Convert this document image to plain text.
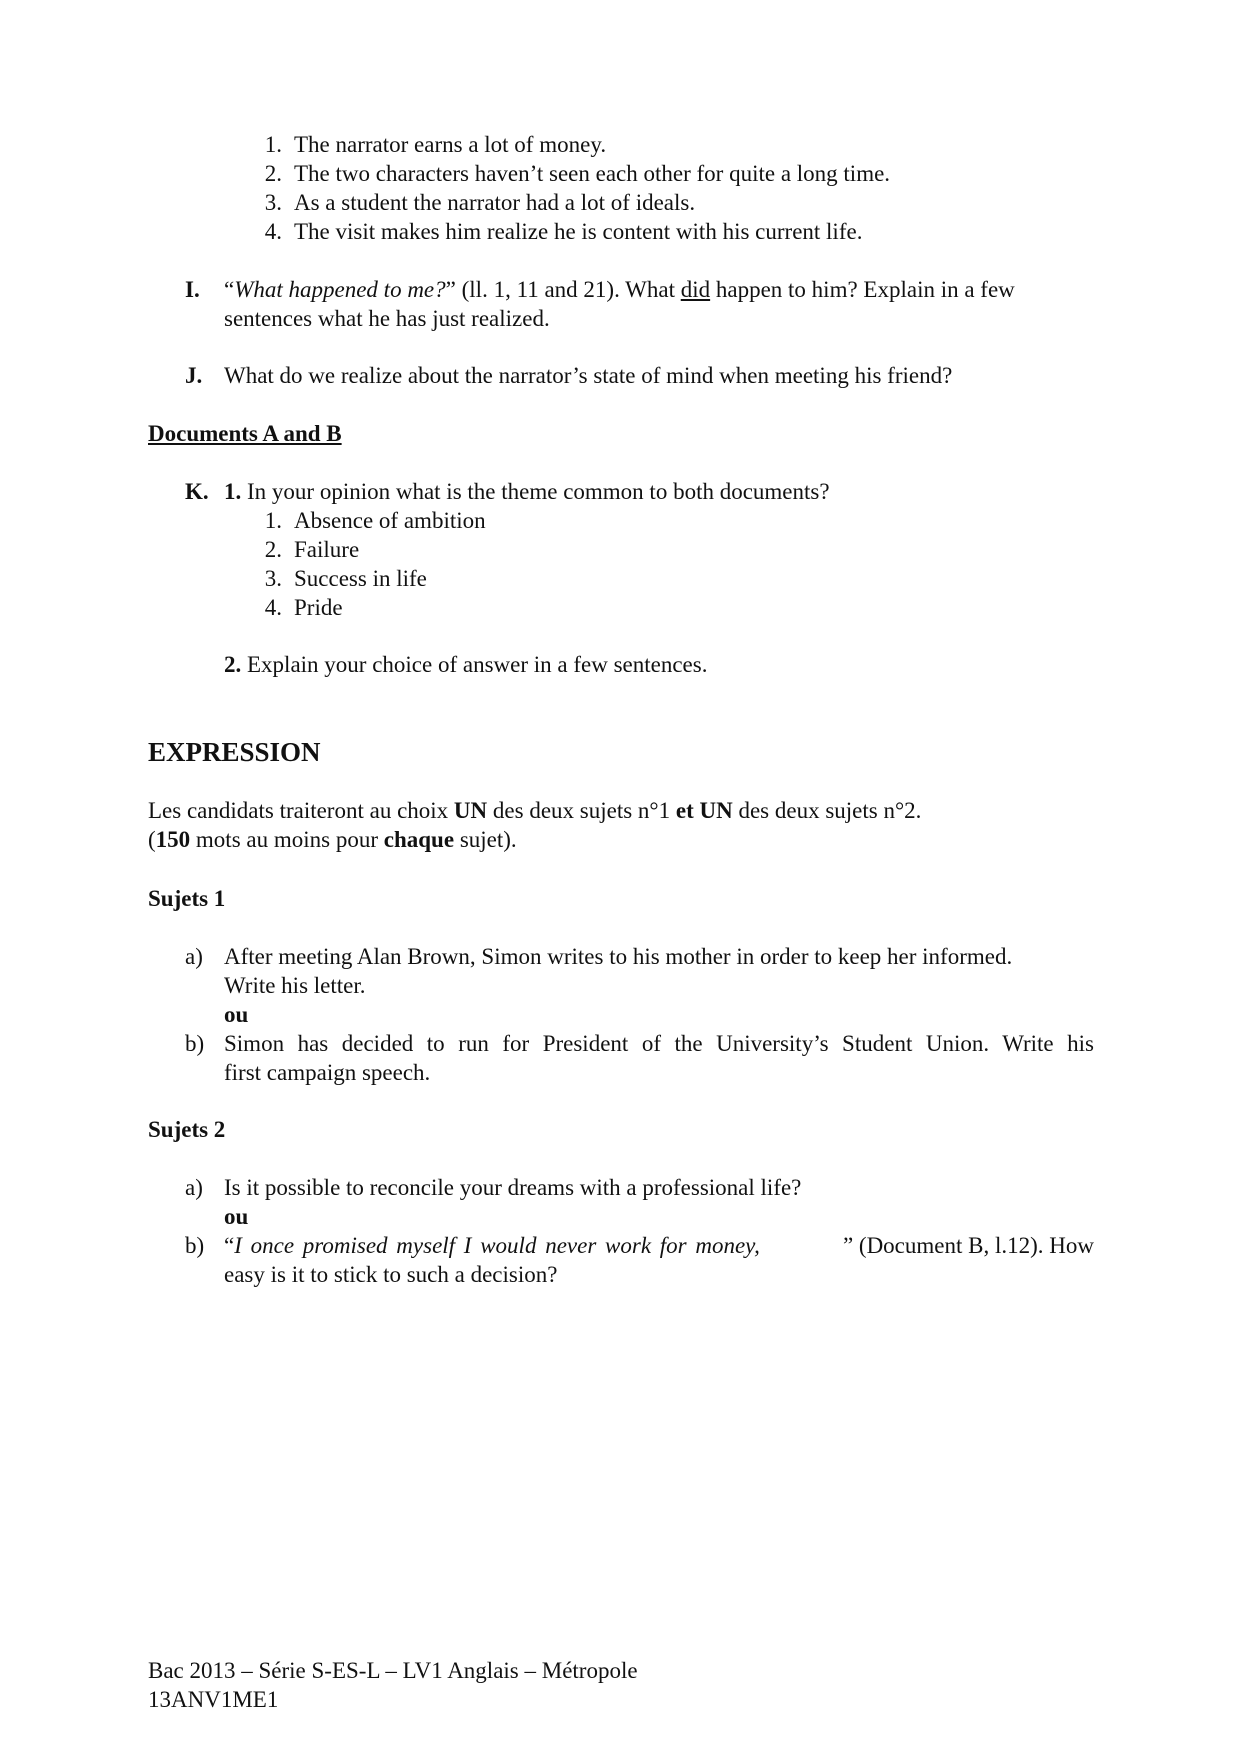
1. The narrator earns a lot of money.
2. The two characters haven’t seen each other for quite a long time.
3. As a student the narrator had a lot of ideals.
4. The visit makes him realize he is content with his current life.
I. “What happened to me?” (ll. 1, 11 and 21). What did happen to him? Explain in a few
sentences what he has just realized.
J. What do we realize about the narrator’s state of mind when meeting his friend?
Documents A and B
K. 1. In your opinion what is the theme common to both documents?
1. Absence of ambition
2. Failure
3. Success in life
4. Pride
2. Explain your choice of answer in a few sentences.
EXPRESSION
Les candidats traiteront au choix UN des deux sujets n°1 et UN des deux sujets n°2.
(150 mots au moins pour chaque sujet).
Sujets 1
a) After meeting Alan Brown, Simon writes to his mother in order to keep her informed.
Write his letter.
ou
b) Simon has decided to run for President of the University’s Student Union. Write his
first campaign speech.
Sujets 2
a) Is it possible to reconcile your dreams with a professional life?
ou
b) “I once promised myself I would never work for money,	” (Document B, l.12). How
easy is it to stick to such a decision?
Bac 2013 – Série S-ES-L – LV1 Anglais – Métropole
13ANV1ME1
